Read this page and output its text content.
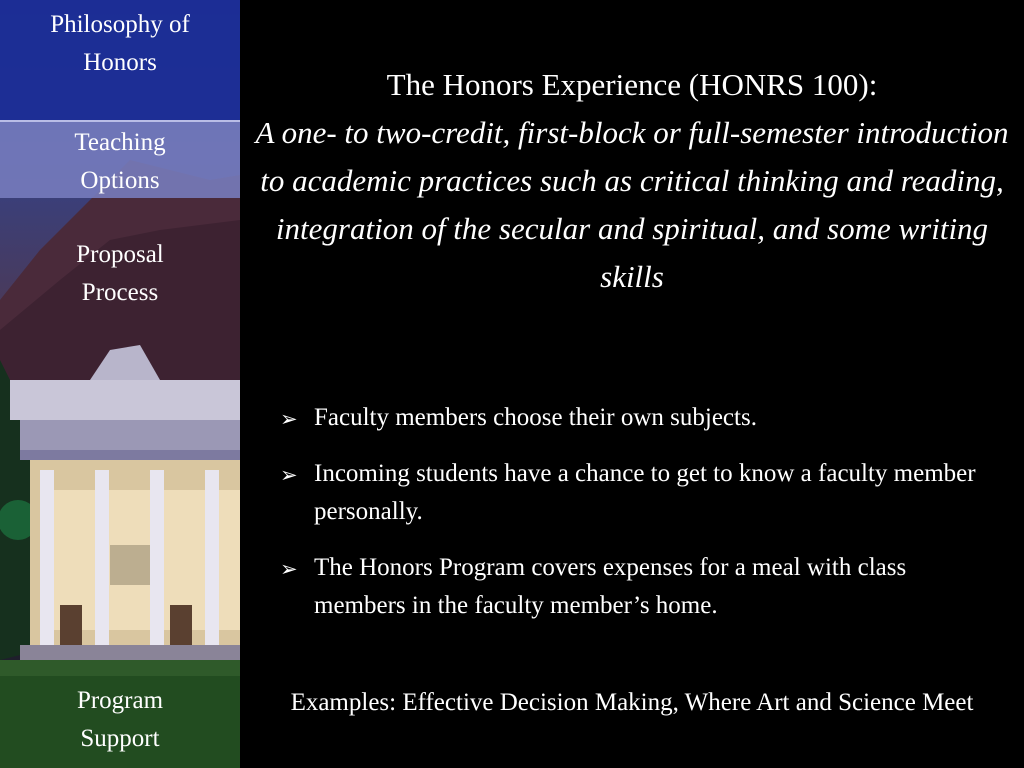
Philosophy of Honors
Teaching Options
Proposal Process
Program Support
The Honors Experience (HONRS 100):
A one- to two-credit, first-block or full-semester introduction to academic practices such as critical thinking and reading, integration of the secular and spiritual, and some writing skills
➢ Faculty members choose their own subjects.
➢ Incoming students have a chance to get to know a faculty member personally.
➢ The Honors Program covers expenses for a meal with class members in the faculty member’s home.
Examples: Effective Decision Making, Where Art and Science Meet
